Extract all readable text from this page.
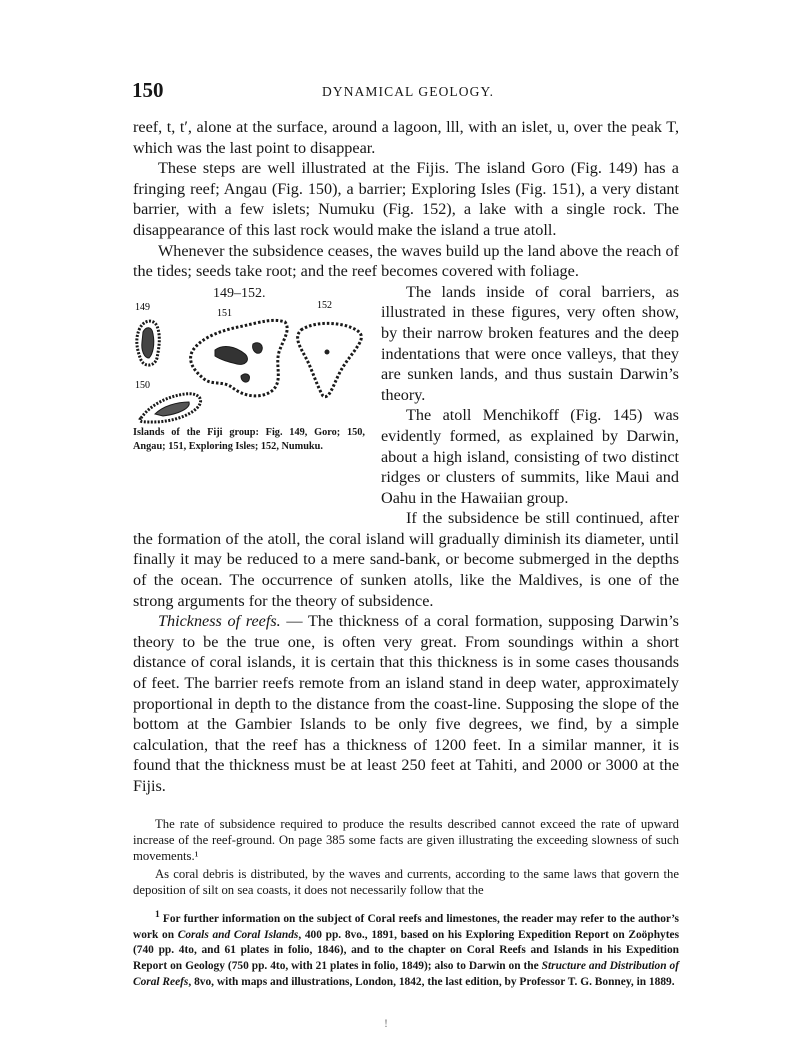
150	DYNAMICAL GEOLOGY.

reef, t, t′, alone at the surface, around a lagoon, lll, with an islet, u, over the peak T, which was the last point to disappear.

These steps are well illustrated at the Fijis. The island Goro (Fig. 149) has a fringing reef; Angau (Fig. 150), a barrier; Exploring Isles (Fig. 151), a very distant barrier, with a few islets; Numuku (Fig. 152), a lake with a single rock. The disappearance of this last rock would make the island a true atoll.

Whenever the subsidence ceases, the waves build up the land above the reach of the tides; seeds take root; and the reef becomes covered with foliage.

149–152.
149
151
152
150
Islands of the Fiji group: Fig. 149, Goro; 150, Angau; 151, Exploring Isles; 152, Numuku.

The lands inside of coral barriers, as illustrated in these figures, very often show, by their narrow broken features and the deep indentations that were once valleys, that they are sunken lands, and thus sustain Darwin’s theory.

The atoll Menchikoff (Fig. 145) was evidently formed, as explained by Darwin, about a high island, consisting of two distinct ridges or clusters of summits, like Maui and Oahu in the Hawaiian group.

If the subsidence be still continued, after the formation of the atoll, the coral island will gradually diminish its diameter, until finally it may be reduced to a mere sand-bank, or become submerged in the depths of the ocean. The occurrence of sunken atolls, like the Maldives, is one of the strong arguments for the theory of subsidence.

Thickness of reefs. — The thickness of a coral formation, supposing Darwin’s theory to be the true one, is often very great. From soundings within a short distance of coral islands, it is certain that this thickness is in some cases thousands of feet. The barrier reefs remote from an island stand in deep water, approximately proportional in depth to the distance from the coast-line. Supposing the slope of the bottom at the Gambier Islands to be only five degrees, we find, by a simple calculation, that the reef has a thickness of 1200 feet. In a similar manner, it is found that the thickness must be at least 250 feet at Tahiti, and 2000 or 3000 at the Fijis.

The rate of subsidence required to produce the results described cannot exceed the rate of upward increase of the reef-ground. On page 385 some facts are given illustrating the exceeding slowness of such movements.¹

As coral debris is distributed, by the waves and currents, according to the same laws that govern the deposition of silt on sea coasts, it does not necessarily follow that the

$^1$ For further information on the subject of Coral reefs and limestones, the reader may refer to the author’s work on Corals and Coral Islands, 400 pp. 8vo., 1891, based on his Exploring Expedition Report on Zoöphytes (740 pp. 4to, and 61 plates in folio, 1846), and to the chapter on Coral Reefs and Islands in his Expedition Report on Geology (750 pp. 4to, with 21 plates in folio, 1849); also to Darwin on the Structure and Distribution of Coral Reefs, 8vo, with maps and illustrations, London, 1842, the last edition, by Professor T. G. Bonney, in 1889.

!
